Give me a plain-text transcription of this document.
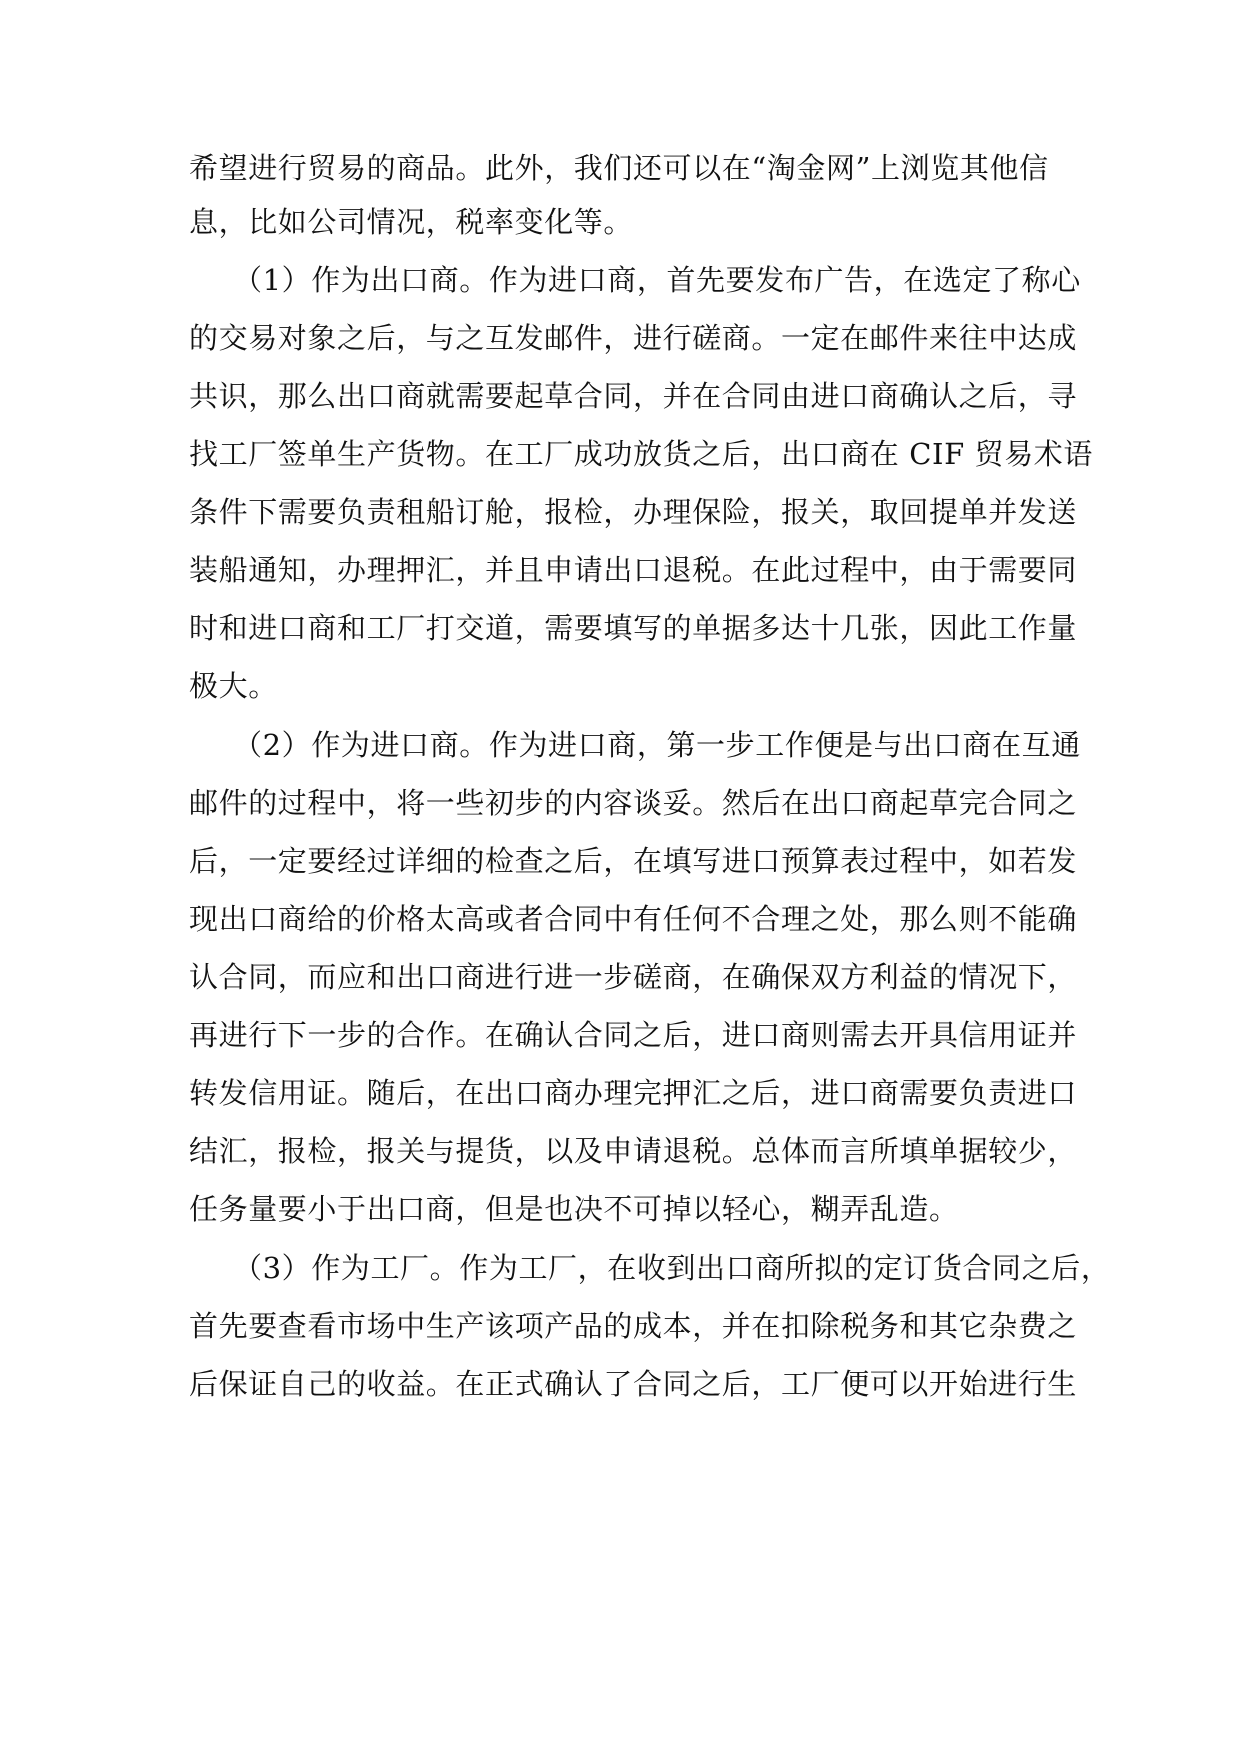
希望进行贸易的商品。此外，我们还可以在“淘金网”上浏览其他信

息，比如公司情况，税率变化等。

（1）作为出口商。作为进口商，首先要发布广告，在选定了称心

的交易对象之后，与之互发邮件，进行磋商。一定在邮件来往中达成

共识，那么出口商就需要起草合同，并在合同由进口商确认之后，寻

找工厂签单生产货物。在工厂成功放货之后，出口商在 CIF 贸易术语

条件下需要负责租船订舱，报检，办理保险，报关，取回提单并发送

装船通知，办理押汇，并且申请出口退税。在此过程中，由于需要同

时和进口商和工厂打交道，需要填写的单据多达十几张，因此工作量

极大。

（2）作为进口商。作为进口商，第一步工作便是与出口商在互通

邮件的过程中，将一些初步的内容谈妥。然后在出口商起草完合同之

后，一定要经过详细的检查之后，在填写进口预算表过程中，如若发

现出口商给的价格太高或者合同中有任何不合理之处，那么则不能确

认合同，而应和出口商进行进一步磋商，在确保双方利益的情况下，

再进行下一步的合作。在确认合同之后，进口商则需去开具信用证并

转发信用证。随后，在出口商办理完押汇之后，进口商需要负责进口

结汇，报检，报关与提货，以及申请退税。总体而言所填单据较少，

任务量要小于出口商，但是也决不可掉以轻心，糊弄乱造。

（3）作为工厂。作为工厂，在收到出口商所拟的定订货合同之后，

首先要查看市场中生产该项产品的成本，并在扣除税务和其它杂费之

后保证自己的收益。在正式确认了合同之后，工厂便可以开始进行生
